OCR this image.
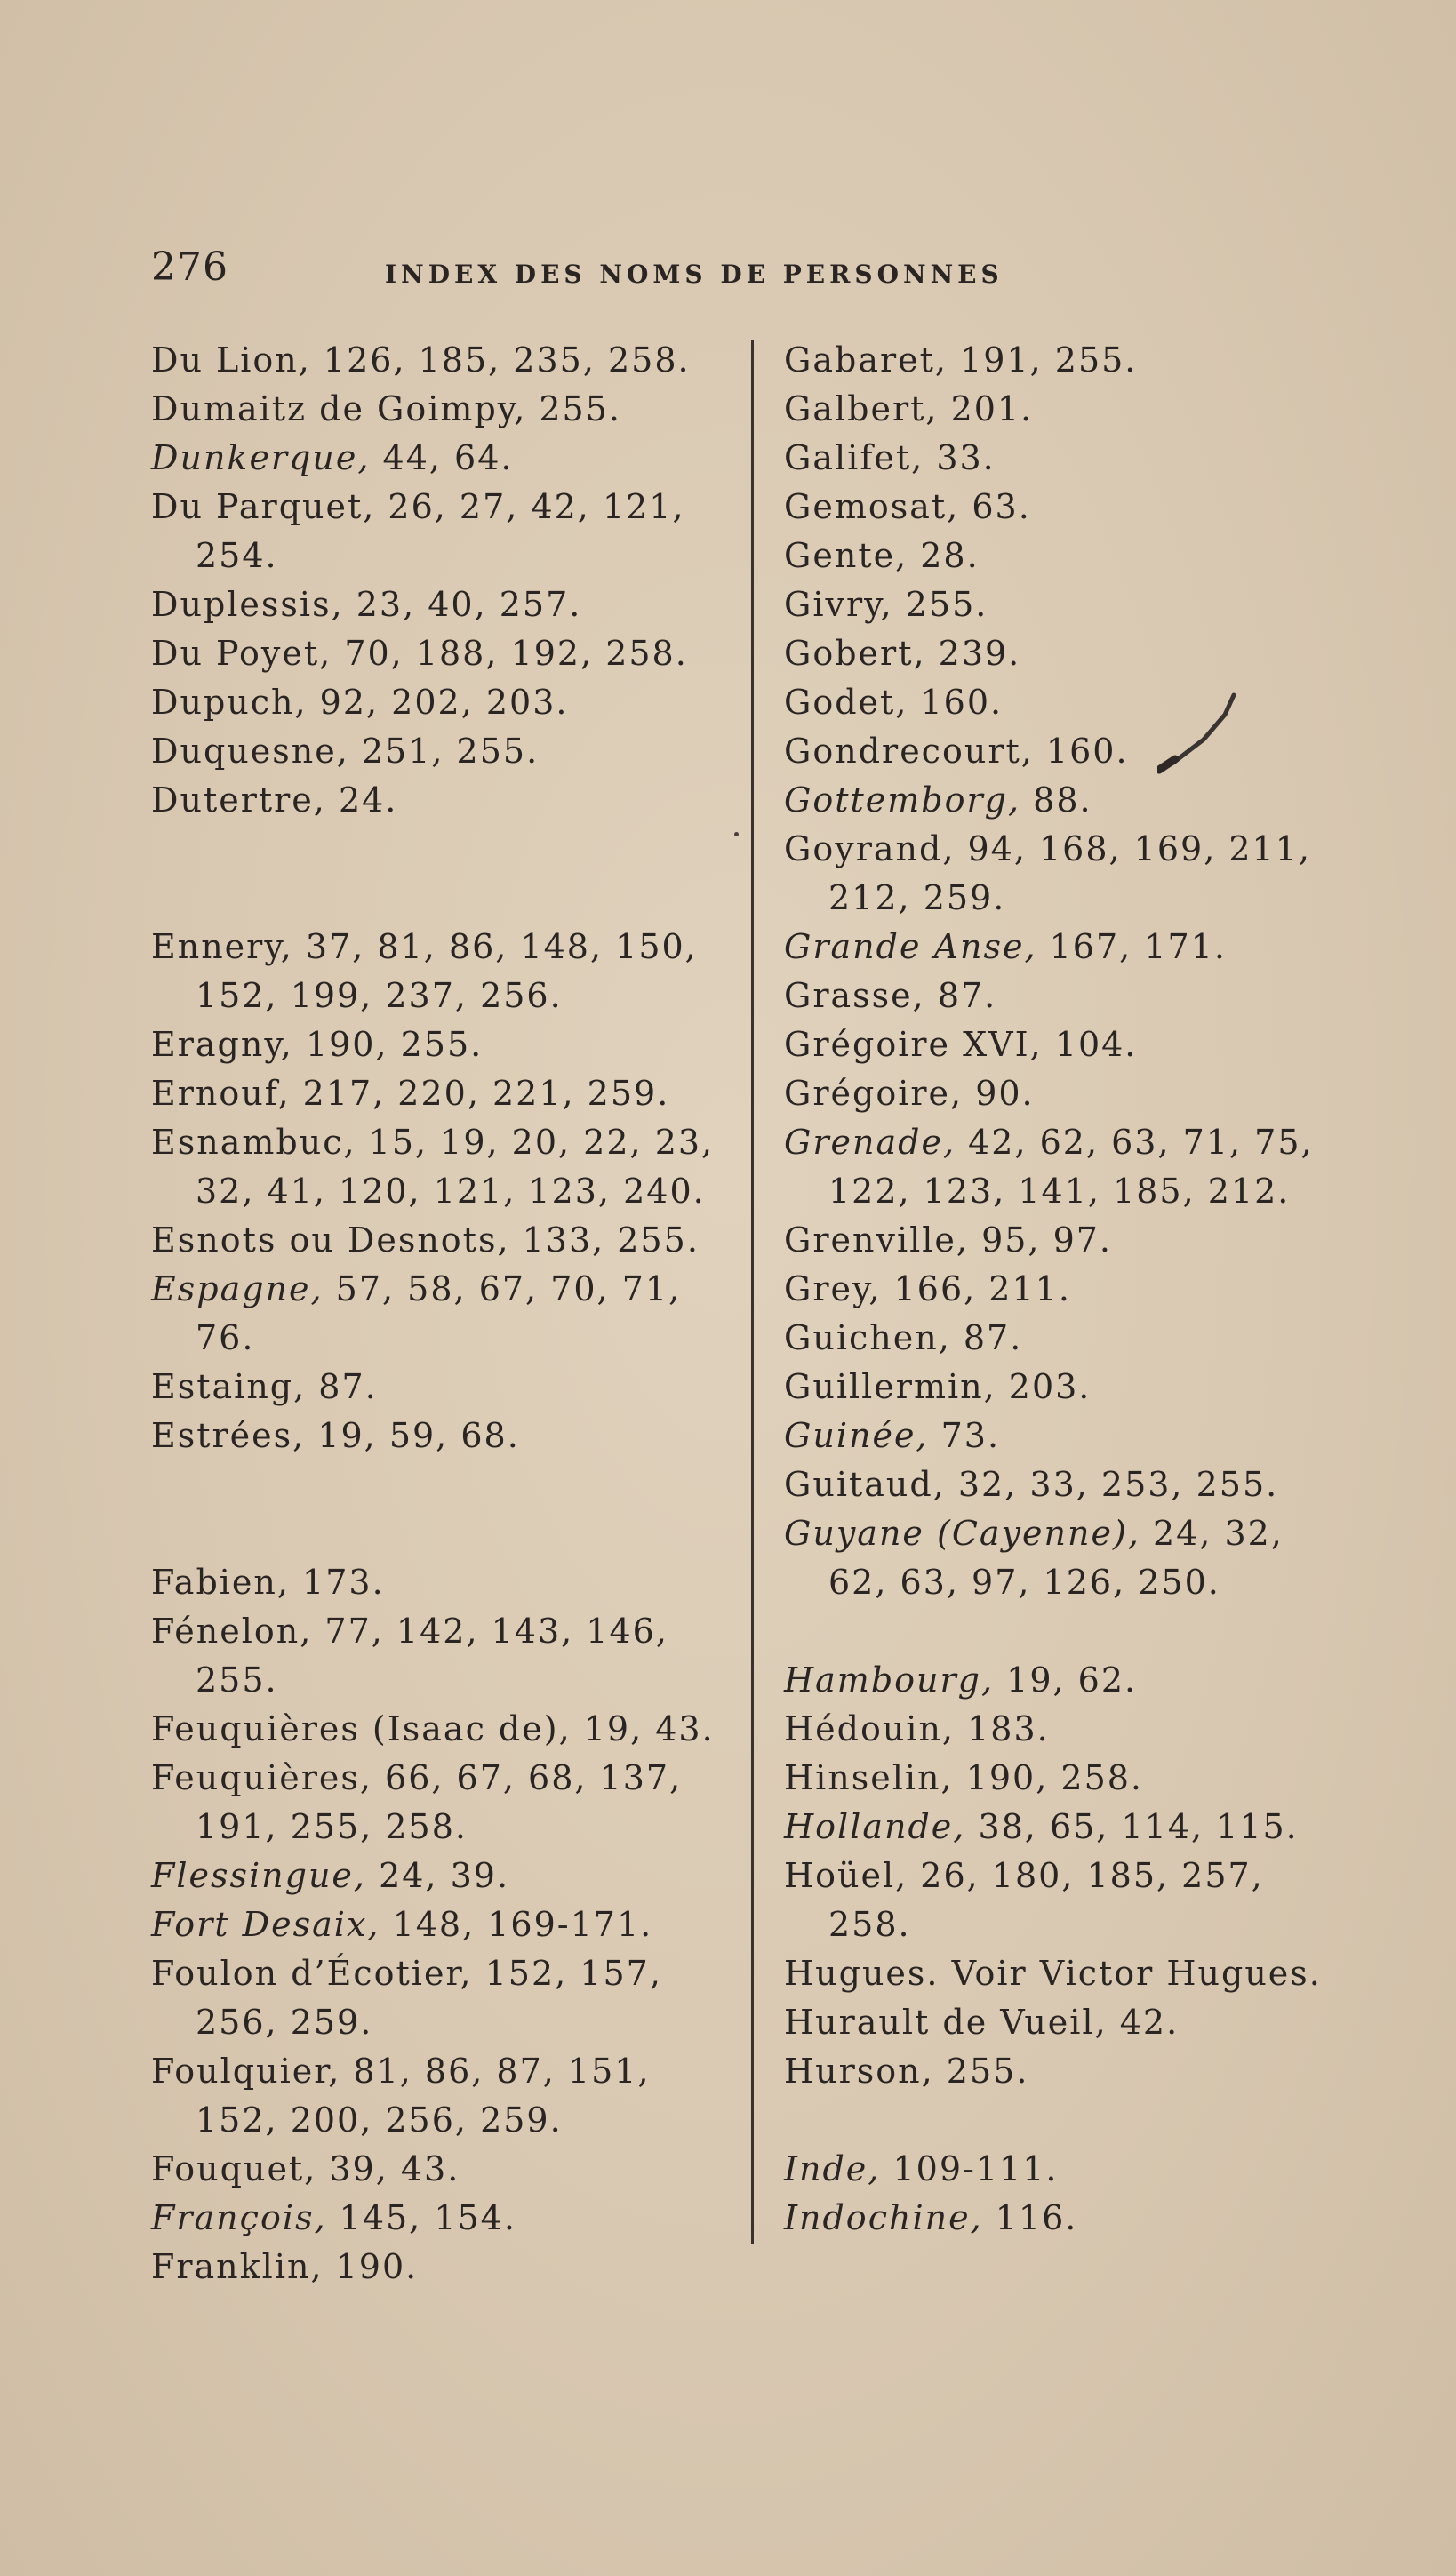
276	INDEX DES NOMS DE PERSONNES
Du Lion, 126, 185, 235, 258.
Dumaitz de Goimpy, 255.
Dunkerque, 44, 64.
Du Parquet, 26, 27, 42, 121,
254.
Duplessis, 23, 40, 257.
Du Poyet, 70, 188, 192, 258.
Dupuch, 92, 202, 203.
Duquesne, 251, 255.
Dutertre, 24.
Ennery, 37, 81, 86, 148, 150,
152, 199, 237, 256.
Eragny, 190, 255.
Ernouf, 217, 220, 221, 259.
Esnambuc, 15, 19, 20, 22, 23,
32, 41, 120, 121, 123, 240.
Esnots ou Desnots, 133, 255.
Espagne, 57, 58, 67, 70, 71,
76.
Estaing, 87.
Estrées, 19, 59, 68.
Fabien, 173.
Fénelon, 77, 142, 143, 146,
255.
Feuquières (Isaac de), 19, 43.
Feuquières, 66, 67, 68, 137,
191, 255, 258.
Flessingue, 24, 39.
Fort Desaix, 148, 169-171.
Foulon d’Écotier, 152, 157,
256, 259.
Foulquier, 81, 86, 87, 151,
152, 200, 256, 259.
Fouquet, 39, 43.
François, 145, 154.
Franklin, 190.
Gabaret, 191, 255.
Galbert, 201.
Galifet, 33.
Gemosat, 63.
Gente, 28.
Givry, 255.
Gobert, 239.
Godet, 160.
Gondrecourt, 160.
Gottemborg, 88.
Goyrand, 94, 168, 169, 211,
212, 259.
Grande Anse, 167, 171.
Grasse, 87.
Grégoire XVI, 104.
Grégoire, 90.
Grenade, 42, 62, 63, 71, 75,
122, 123, 141, 185, 212.
Grenville, 95, 97.
Grey, 166, 211.
Guichen, 87.
Guillermin, 203.
Guinée, 73.
Guitaud, 32, 33, 253, 255.
Guyane (Cayenne), 24, 32,
62, 63, 97, 126, 250.
Hambourg, 19, 62.
Hédouin, 183.
Hinselin, 190, 258.
Hollande, 38, 65, 114, 115.
Hoüel, 26, 180, 185, 257,
258.
Hugues. Voir Victor Hugues.
Hurault de Vueil, 42.
Hurson, 255.
Inde, 109-111.
Indochine, 116.
